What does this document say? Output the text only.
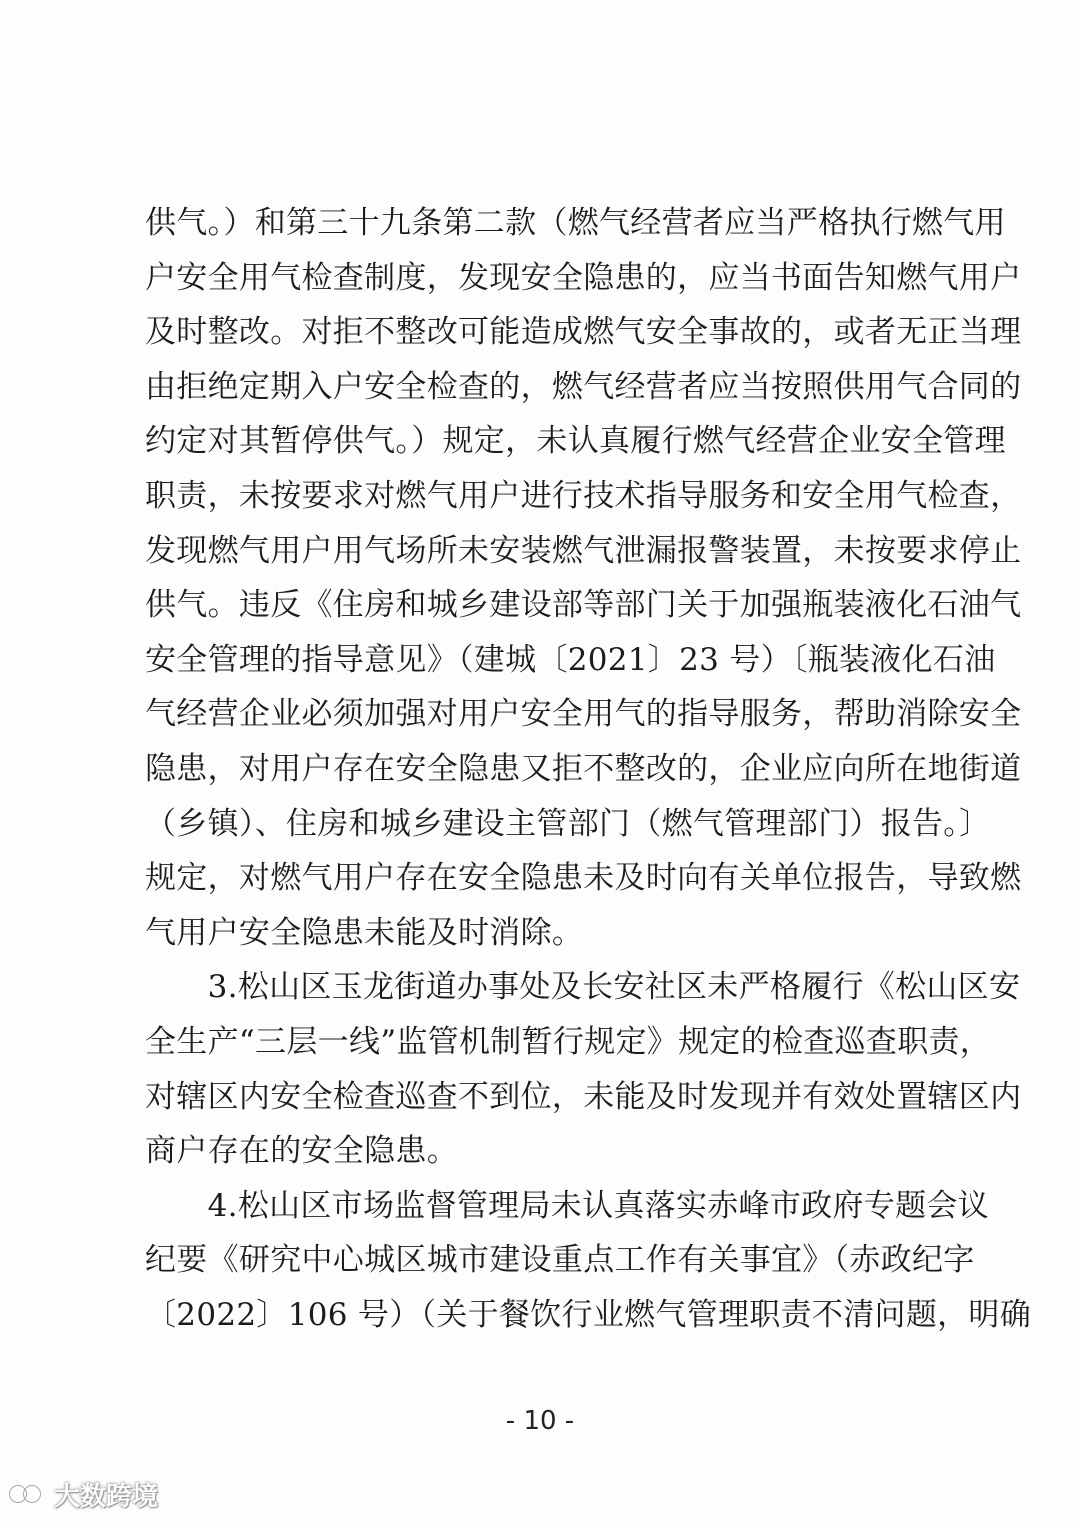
供气。）和第三十九条第二款（燃气经营者应当严格执行燃气用
户安全用气检查制度，发现安全隐患的，应当书面告知燃气用户
及时整改。对拒不整改可能造成燃气安全事故的，或者无正当理
由拒绝定期入户安全检查的，燃气经营者应当按照供用气合同的
约定对其暂停供气。）规定，未认真履行燃气经营企业安全管理
职责，未按要求对燃气用户进行技术指导服务和安全用气检查，
发现燃气用户用气场所未安装燃气泄漏报警装置，未按要求停止
供气。违反《住房和城乡建设部等部门关于加强瓶装液化石油气
安全管理的指导意见》（建城〔2021〕23 号）〔瓶装液化石油
气经营企业必须加强对用户安全用气的指导服务，帮助消除安全
隐患，对用户存在安全隐患又拒不整改的，企业应向所在地街道
（乡镇）、住房和城乡建设主管部门（燃气管理部门）报告。〕
规定，对燃气用户存在安全隐患未及时向有关单位报告，导致燃
气用户安全隐患未能及时消除。
　　3.松山区玉龙街道办事处及长安社区未严格履行《松山区安
全生产“三层一线”监管机制暂行规定》规定的检查巡查职责，
对辖区内安全检查巡查不到位，未能及时发现并有效处置辖区内
商户存在的安全隐患。
　　4.松山区市场监督管理局未认真落实赤峰市政府专题会议
纪要《研究中心城区城市建设重点工作有关事宜》（赤政纪字
〔2022〕106 号）（关于餐饮行业燃气管理职责不清问题，明确
- 10 -
大数跨境
